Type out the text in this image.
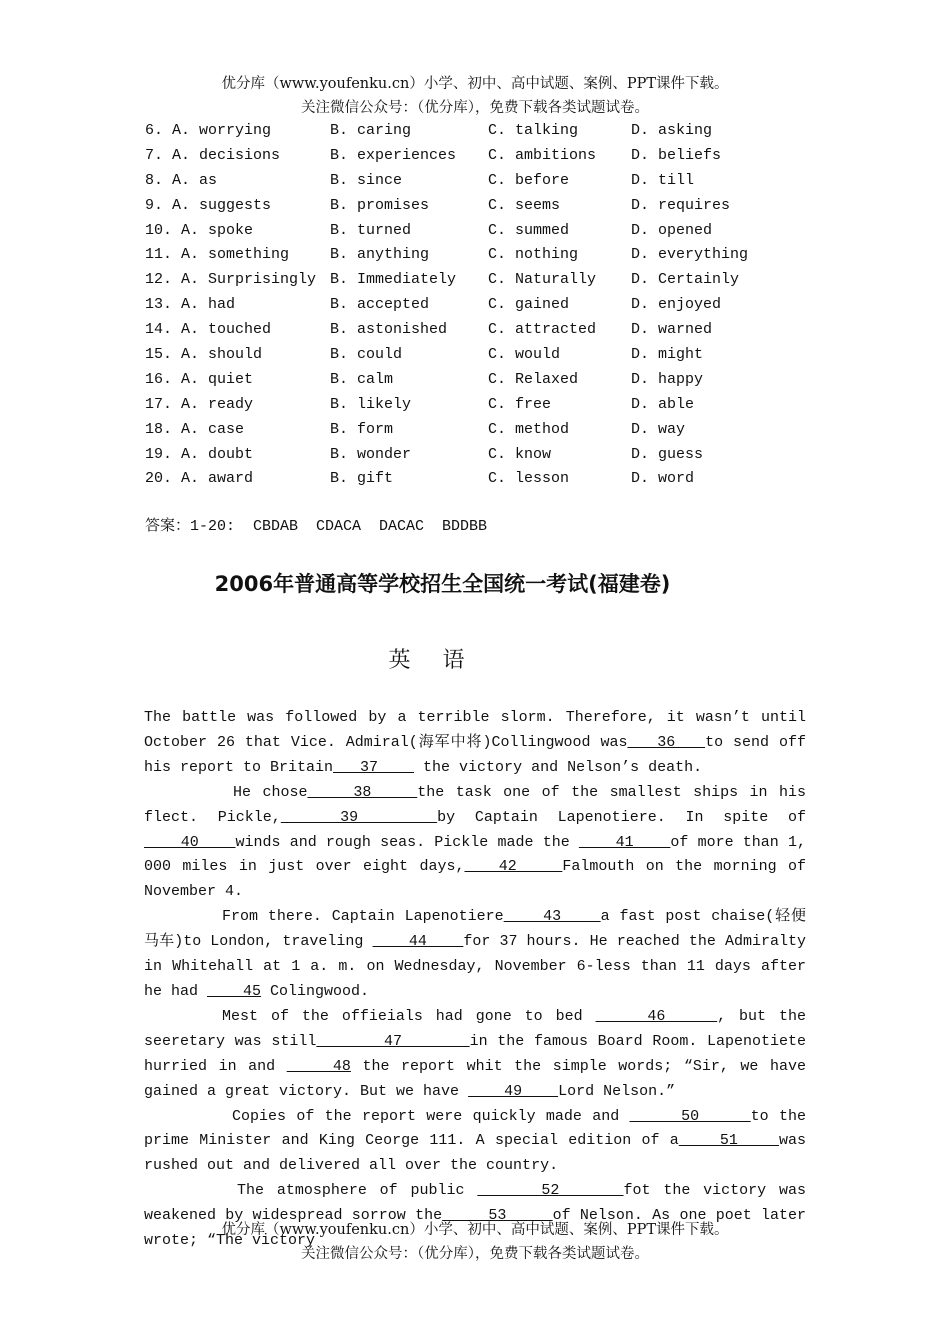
优分库（www.youfenku.cn）小学、初中、高中试题、案例、PPT课件下载。
关注微信公众号：（优分库），免费下载各类试题试卷。
6. A. worrying	B. caring	C. talking	D. asking
7. A. decisions	B. experiences C. ambitions D. beliefs
8. A. as	B. since	C. before	D. till
9. A. suggests	B. promises	C. seems	D. requires
10. A. spoke	B. turned	C. summed	D. opened
11. A. something	B. anything	C. nothing	D. everything
12. A. Surprisingly B. Immediately C. Naturally D. Certainly
13. A. had	B. accepted	C. gained	D. enjoyed
14. A. touched	B. astonished	C. attracted D. warned
15. A. should	B. could	C. would	D. might
16. A. quiet	B. calm	C. Relaxed	D. happy
17. A. ready	B. likely	C. free	D. able
18. A. case	B. form	C. method	D. way
19. A. doubt	B. wonder	C. know	D. guess
20. A. award	B. gift	C. lesson	D. word
答案：1-20:  CBDAB  CDACA  DACAC  BDDBB
2006年普通高等学校招生全国统一考试(福建卷)
英语

The battle was followed by a terrible slorm. Therefore, it wasn’t until October 26 that Vice. Admiral(海军中将)Collingwood was   36   to send off his report to Britain   37     the victory and Nelson’s death.

He chose    38    the task one of the smallest ships in his flect. Pickle,   39    by Captain Lapenotiere. In spite of     40    winds and rough seas. Pickle made the     41    of more than 1, 000 miles in just over eight days,   42    Falmouth on the morning of November 4.

From there. Captain Lapenotiere    43    a fast post chaise(轻便马车)to London, traveling     44    for 37 hours. He reached the Admiralty in Whitehall at 1 a. m. on Wednesday, November 6-less than 11 days after he had     45 Colingwood.

Mest of the offieials had gone to bed     46    , but the seeretary was still       47       in the famous Board Room. Lapenotiete hurried in and     48 the report whit the simple words; “Sir, we have gained a great victory. But we have     49    Lord Nelson.”

Copies of the report were quickly made and      50     to the prime Minister and King Ceorge 111. A special edition of a    51    was rushed out and delivered all over the country.

The atmosphere of public      52     fot the victory was weakened by widespread sorrow the     53     of Nelson. As one poet later wrote; “The victory

优分库（www.youfenku.cn）小学、初中、高中试题、案例、PPT课件下载。
关注微信公众号：（优分库），免费下载各类试题试卷。
